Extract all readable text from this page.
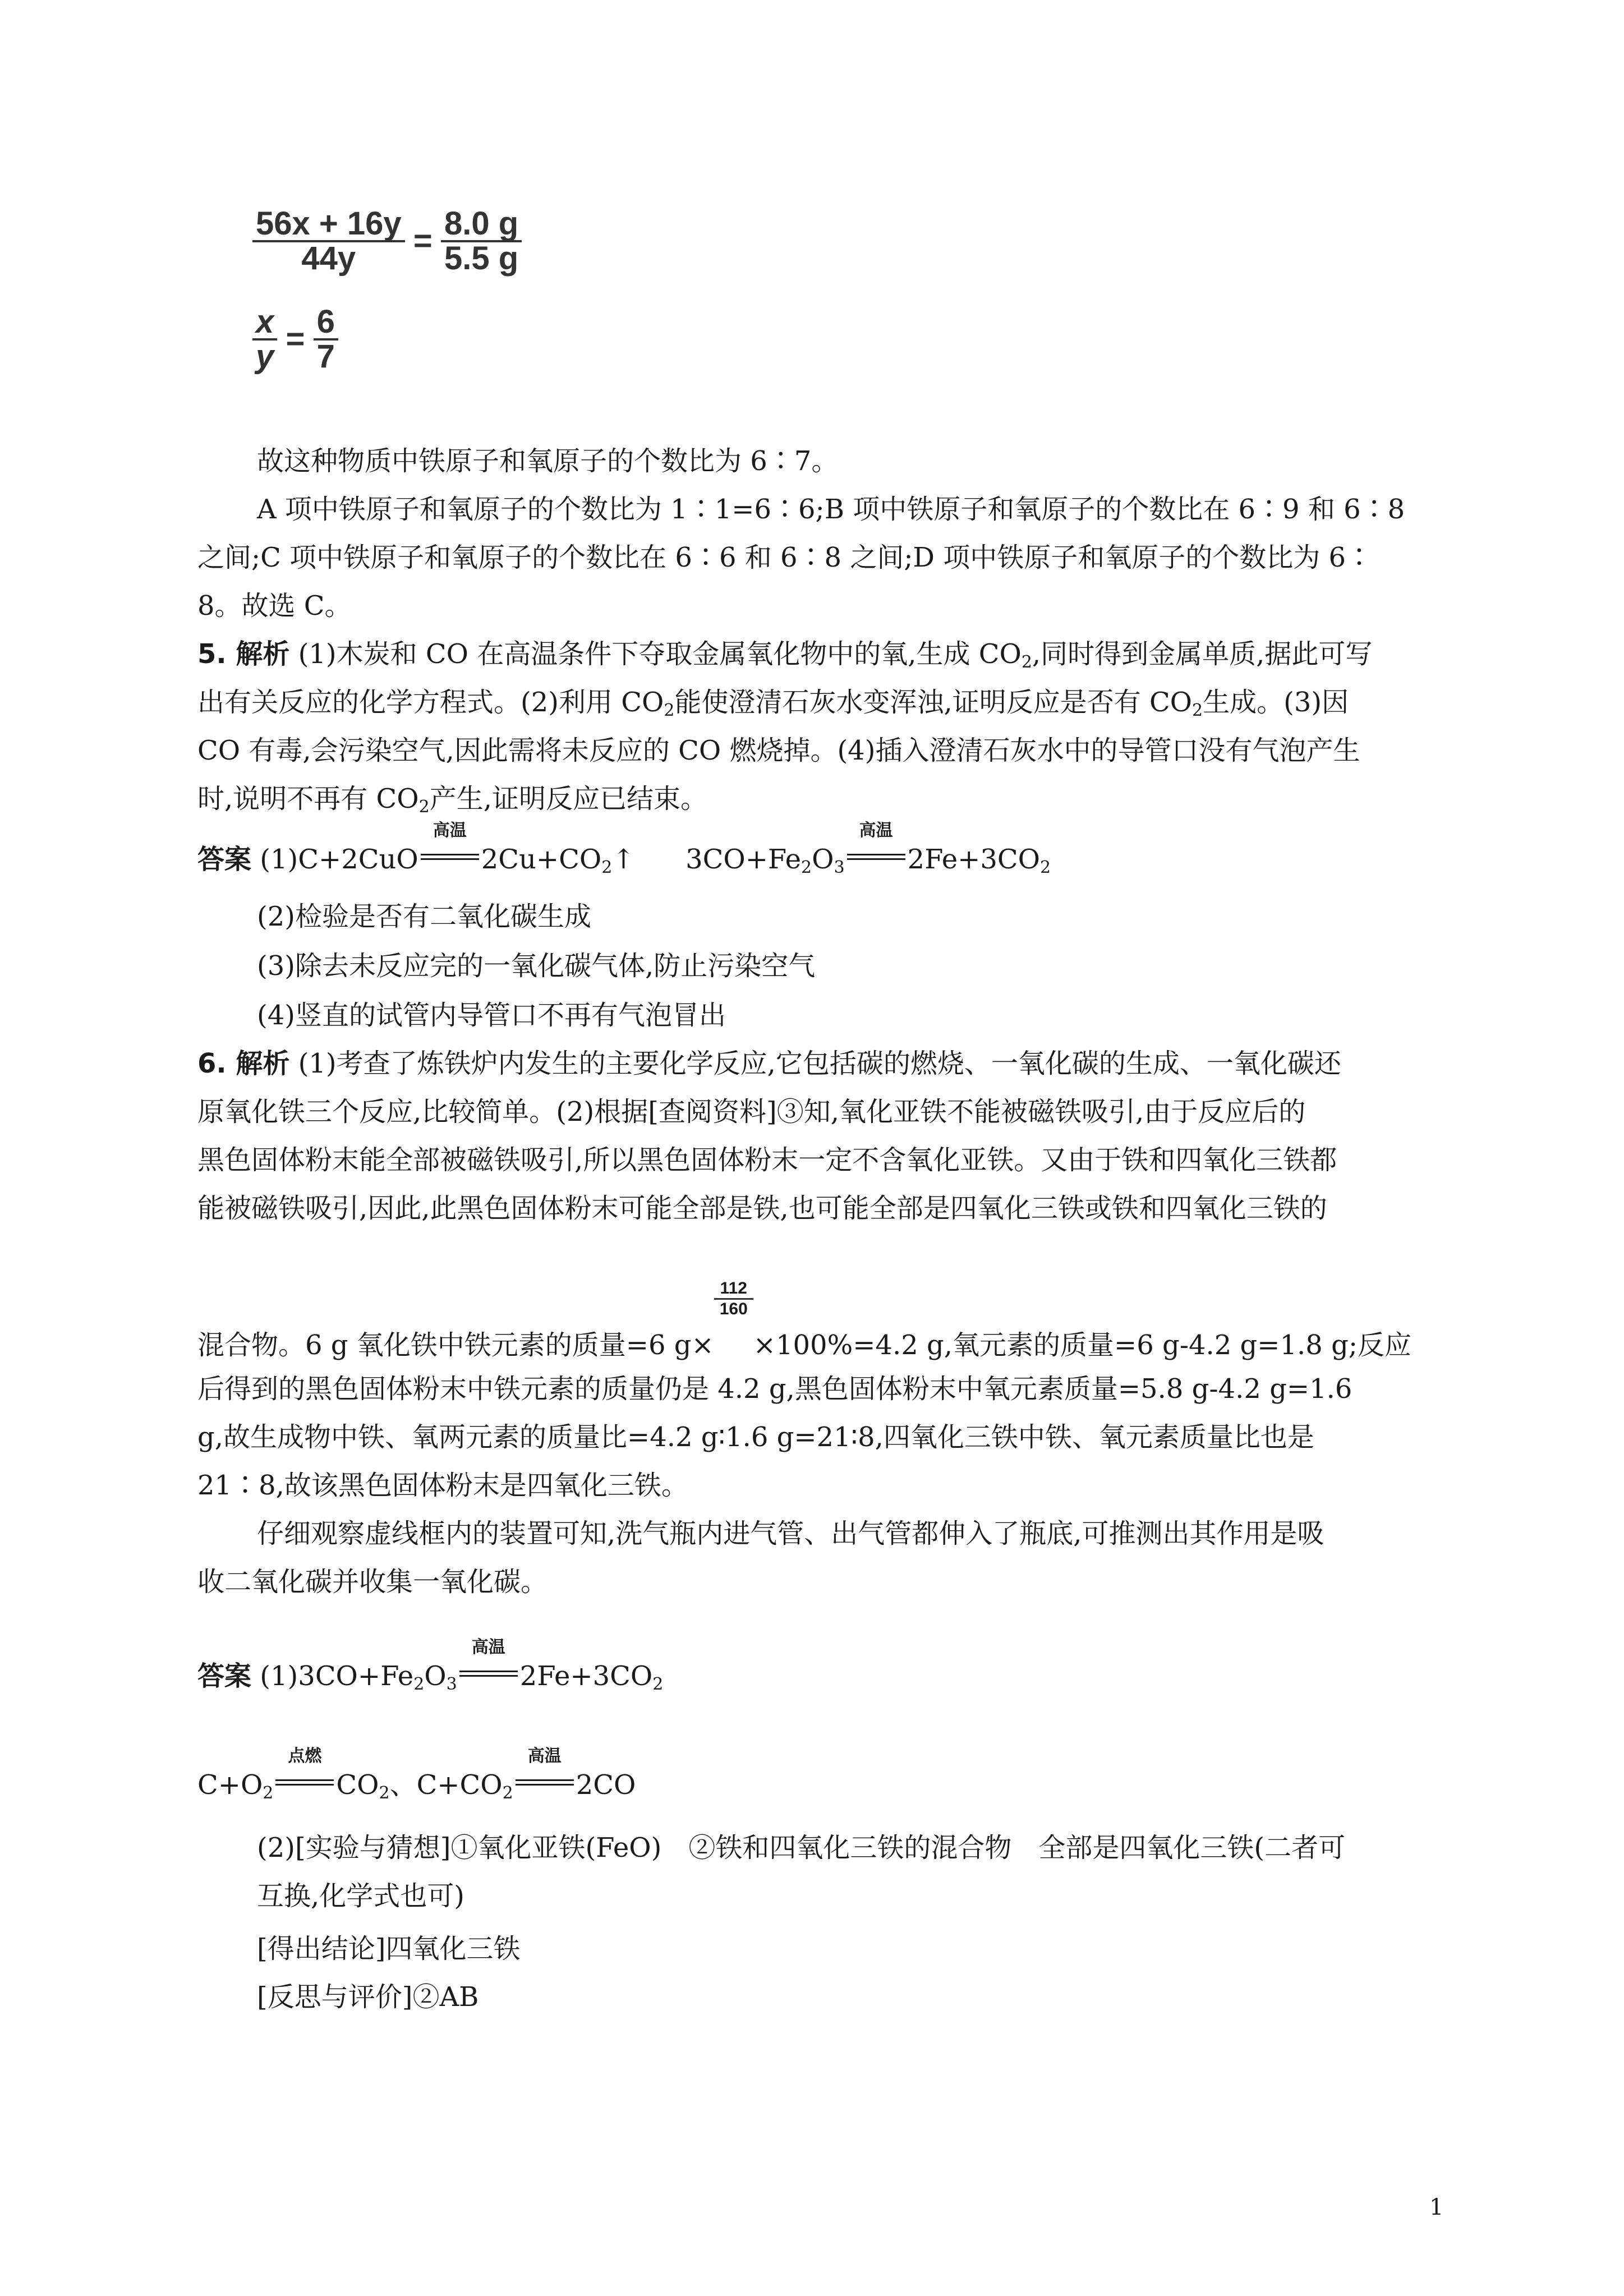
$\frac{56x + 16y}{44y} = \frac{8.0 g}{5.5 g}$
$\frac{x}{y} = \frac{6}{7}$
故这种物质中铁原子和氧原子的个数比为 6∶7。
A 项中铁原子和氧原子的个数比为 1∶1=6∶6;B 项中铁原子和氧原子的个数比在 6∶9 和 6∶8
之间;C 项中铁原子和氧原子的个数比在 6∶6 和 6∶8 之间;D 项中铁原子和氧原子的个数比为 6∶
8。故选 C。
5. 解析 (1)木炭和 CO 在高温条件下夺取金属氧化物中的氧,生成 $CO_2$,同时得到金属单质,据此可写
出有关反应的化学方程式。(2)利用 $CO_2$能使澄清石灰水变浑浊,证明反应是否有 $CO_2$生成。(3)因
CO 有毒,会污染空气,因此需将未反应的 CO 燃烧掉。(4)插入澄清石灰水中的导管口没有气泡产生
时,说明不再有 $CO_2$产生,证明反应已结束。
答案 (1)C+2CuO
高温
$2Cu+CO_2↑$ $3CO+Fe_2O_3$
高温
$2Fe+3CO_2$
(2)检验是否有二氧化碳生成
(3)除去未反应完的一氧化碳气体,防止污染空气
(4)竖直的试管内导管口不再有气泡冒出
6. 解析 (1)考查了炼铁炉内发生的主要化学反应,它包括碳的燃烧、一氧化碳的生成、一氧化碳还
原氧化铁三个反应,比较简单。(2)根据[查阅资料]③知,氧化亚铁不能被磁铁吸引,由于反应后的
黑色固体粉末能全部被磁铁吸引,所以黑色固体粉末一定不含氧化亚铁。又由于铁和四氧化三铁都
能被磁铁吸引,因此,此黑色固体粉末可能全部是铁,也可能全部是四氧化三铁或铁和四氧化三铁的
混合物。6 g 氧化铁中铁元素的质量=6 g×
112
160
×100%=4.2 g,氧元素的质量=6 g-4.2 g=1.8 g;反应
后得到的黑色固体粉末中铁元素的质量仍是 4.2 g,黑色固体粉末中氧元素质量=5.8 g-4.2 g=1.6
g,故生成物中铁、氧两元素的质量比=4.2 g∶1.6 g=21∶8,四氧化三铁中铁、氧元素质量比也是
21∶8,故该黑色固体粉末是四氧化三铁。
仔细观察虚线框内的装置可知,洗气瓶内进气管、出气管都伸入了瓶底,可推测出其作用是吸
收二氧化碳并收集一氧化碳。
答案 $(1)3CO+Fe_2O_3$
高温
$2Fe+3CO_2$
$C+O_2$
点燃
$CO_2$、$C+CO_2$
高温
2CO
(2)[实验与猜想]①氧化亚铁(FeO)　②铁和四氧化三铁的混合物　全部是四氧化三铁(二者可
互换,化学式也可)
[得出结论]四氧化三铁
[反思与评价]②AB
1
